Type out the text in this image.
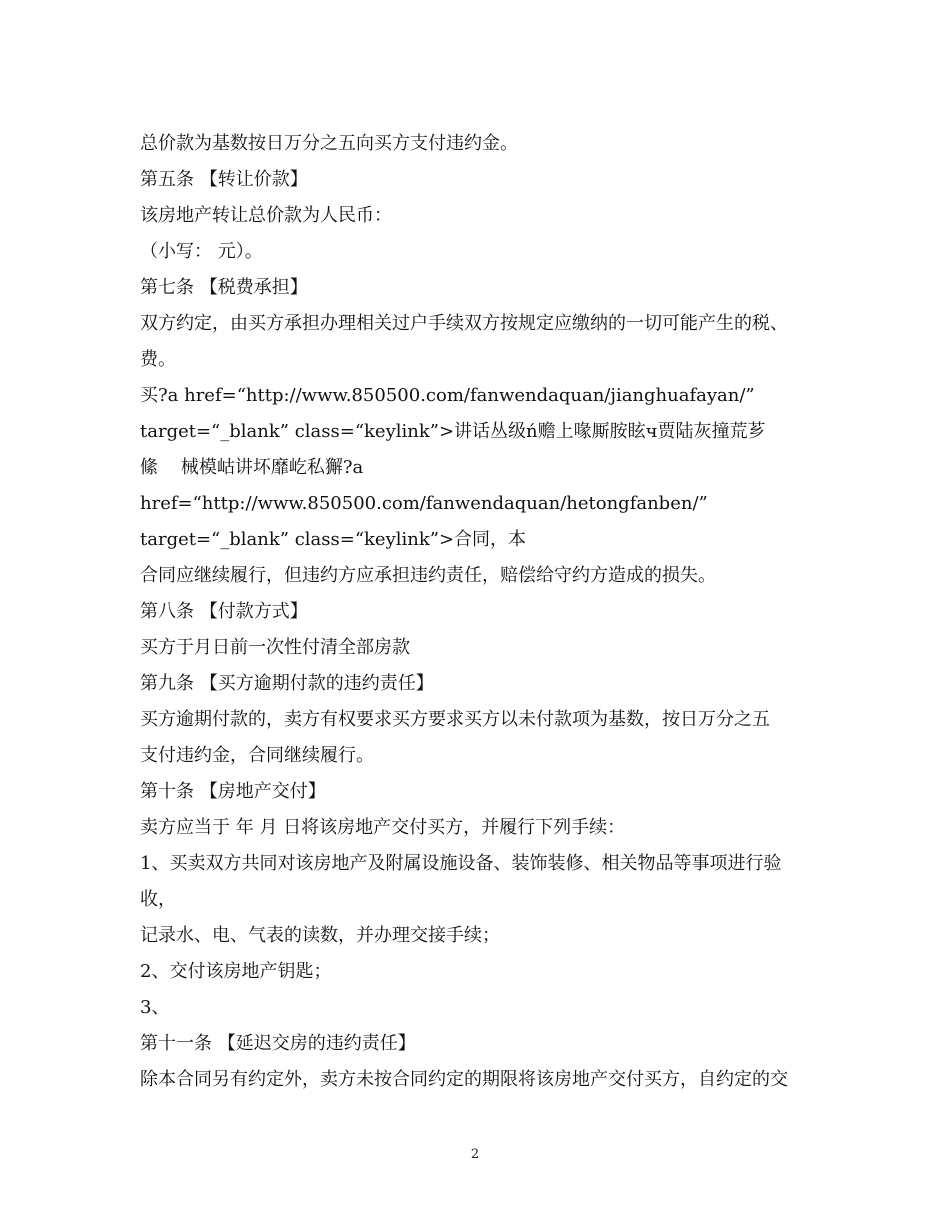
总价款为基数按日万分之五向买方支付违约金。
第五条 【转让价款】
该房地产转让总价款为人民币：
（小写： 元）。
第七条 【税费承担】
双方约定，由买方承担办理相关过户手续双方按规定应缴纳的一切可能产生的税、
费。
买?a href=“http://www.850500.com/fanwendaquan/jianghuafayan/”
target=“_blank” class=“keylink”>讲话丛级ń赡上喙厮胺眩ч贾陆灰撞荒芗
絛    械模岵讲坏靡屹私獬?a
href=“http://www.850500.com/fanwendaquan/hetongfanben/”
target=“_blank” class=“keylink”>合同，本
合同应继续履行，但违约方应承担违约责任，赔偿给守约方造成的损失。
第八条 【付款方式】
买方于月日前一次性付清全部房款
第九条 【买方逾期付款的违约责任】
买方逾期付款的，卖方有权要求买方要求买方以未付款项为基数，按日万分之五
支付违约金，合同继续履行。
第十条 【房地产交付】
卖方应当于 年 月 日将该房地产交付买方，并履行下列手续：
1、买卖双方共同对该房地产及附属设施设备、装饰装修、相关物品等事项进行验
收，
记录水、电、气表的读数，并办理交接手续；
2、交付该房地产钥匙；
3、
第十一条 【延迟交房的违约责任】
除本合同另有约定外，卖方未按合同约定的期限将该房地产交付买方，自约定的交
2
